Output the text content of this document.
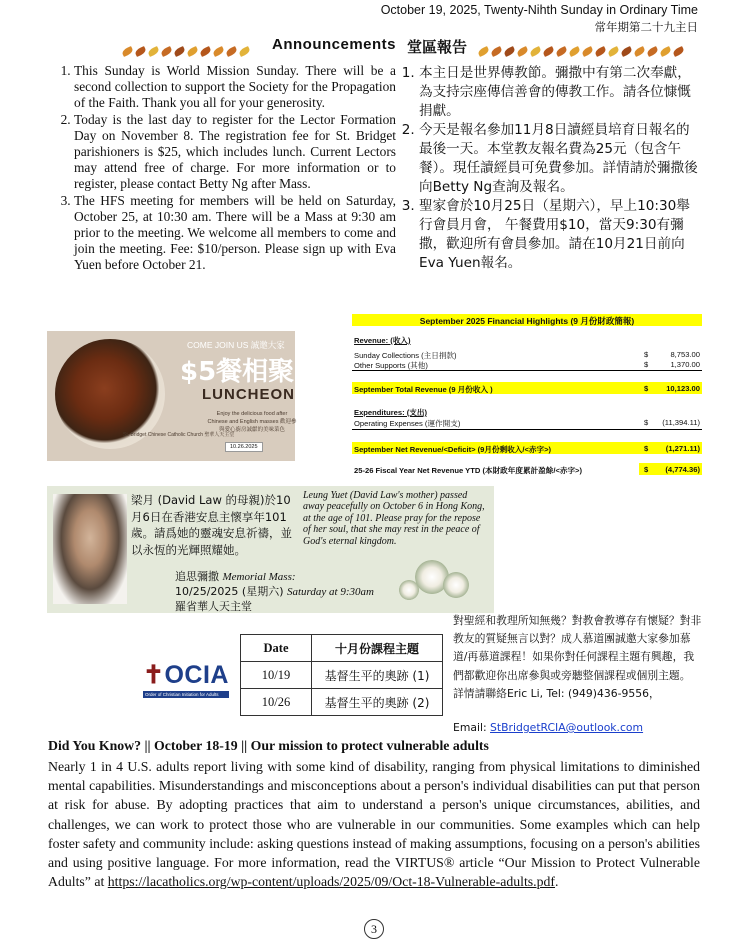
October 19, 2025, Twenty-Nihth Sunday in Ordinary Time
常年期第二十九主日
Announcements 堂區報告
1. This Sunday is World Mission Sunday. There will be a second collection to support the Society for the Propagation of the Faith. Thank you all for your generosity.
2. Today is the last day to register for the Lector Formation Day on November 8. The registration fee for St. Bridget parishioners is $25, which includes lunch. Current Lectors may attend free of charge. For more information or to register, please contact Betty Ng after Mass.
3. The HFS meeting for members will be held on Saturday, October 25, at 10:30 am. There will be a Mass at 9:30 am prior to the meeting. We welcome all members to come and join the meeting. Fee: $10/person. Please sign up with Eva Yuen before October 21.
1. 本主日是世界傳教節。彌撒中有第二次奉獻，為支持宗座傳信善會的傳教工作。請各位慷慨捐獻。
2. 今天是報名參加11月8日讀經員培育日報名的最後一天。本堂教友報名費為25元（包含午餐）。現任讀經員可免費參加。詳情請於彌撒後向Betty Ng查詢及報名。
3. 聖家會於10月25日（星期六），早上10:30舉行會員月會， 午餐費用$10，當天9:30有彌撒，歡迎所有會員參加。請在10月21日前向Eva Yuen報名。
COME JOIN US 誠邀大家
$5餐相聚
LUNCHEON
Enjoy the delicious food after Chinese and English masses 歡迎參與愛心廚房誠獻的美味菜色
St. Bridget Chinese Catholic Church 聖華人天主堂
10.26.2025
September 2025 Financial Highlights (9 月份財政簡報)
Revenue: (收入)
Sunday Collections (主日捐款)	$	8,753.00
Other Supports (其他)	$	1,370.00
September Total Revenue (9 月份收入 )	$ 10,123.00
Expenditures: (支出)
Operating Expenses (運作開支)	$ (11,394.11)
September Net Revenue/<Deficit> (9月份剩收入/<赤字>)	$ (1,271.11)
25-26 Fiscal Year Net Revenue YTD (本財政年度累計盈餘/<赤字>)	$ (4,774.36)
梁月 (David Law 的母親)於10月6日在香港安息主懷享年101歲。請爲她的靈魂安息祈禱，並以永恆的光輝照耀她。
Leung Yuet (David Law's mother) passed away peacefully on October 6 in Hong Kong, at the age of 101. Please pray for the repose of her soul, that she may rest in the peace of God's eternal kingdom.
追思彌撒 Memorial Mass:
10/25/2025 (星期六) Saturday at 9:30am
羅省華人天主堂
✝OCIA
Order of Christian Initiation for Adults
Date	十月份課程主題
10/19	基督生平的奧跡 (1)
10/26	基督生平的奧跡 (2)
對聖經和教理所知無幾？對教會教導存有懷疑？對非教友的質疑無言以對？成人慕道團誠邀大家參加慕道/再慕道課程！如果你對任何課程主題有興趣，我們都歡迎你出席參與或旁聽整個課程或個別主題。
詳情請聯絡Eric Li, Tel: (949)436-9556，
Email: StBridgetRCIA@outlook.com
Did You Know? || October 18-19 || Our mission to protect vulnerable adults
Nearly 1 in 4 U.S. adults report living with some kind of disability, ranging from physical limitations to diminished mental capabilities. Misunderstandings and misconceptions about a person's individual disabilities can put that person at risk for abuse. By adopting practices that aim to understand a person's unique circumstances, abilities, and challenges, we can work to protect those who are vulnerable in our communities. Some examples which can help foster safety and community include: asking questions instead of making assumptions, focusing on a person's abilities and using positive language. For more information, read the VIRTUS® article “Our Mission to Protect Vulnerable Adults” at https://lacatholics.org/wp-content/uploads/2025/09/Oct-18-Vulnerable-adults.pdf.
3
